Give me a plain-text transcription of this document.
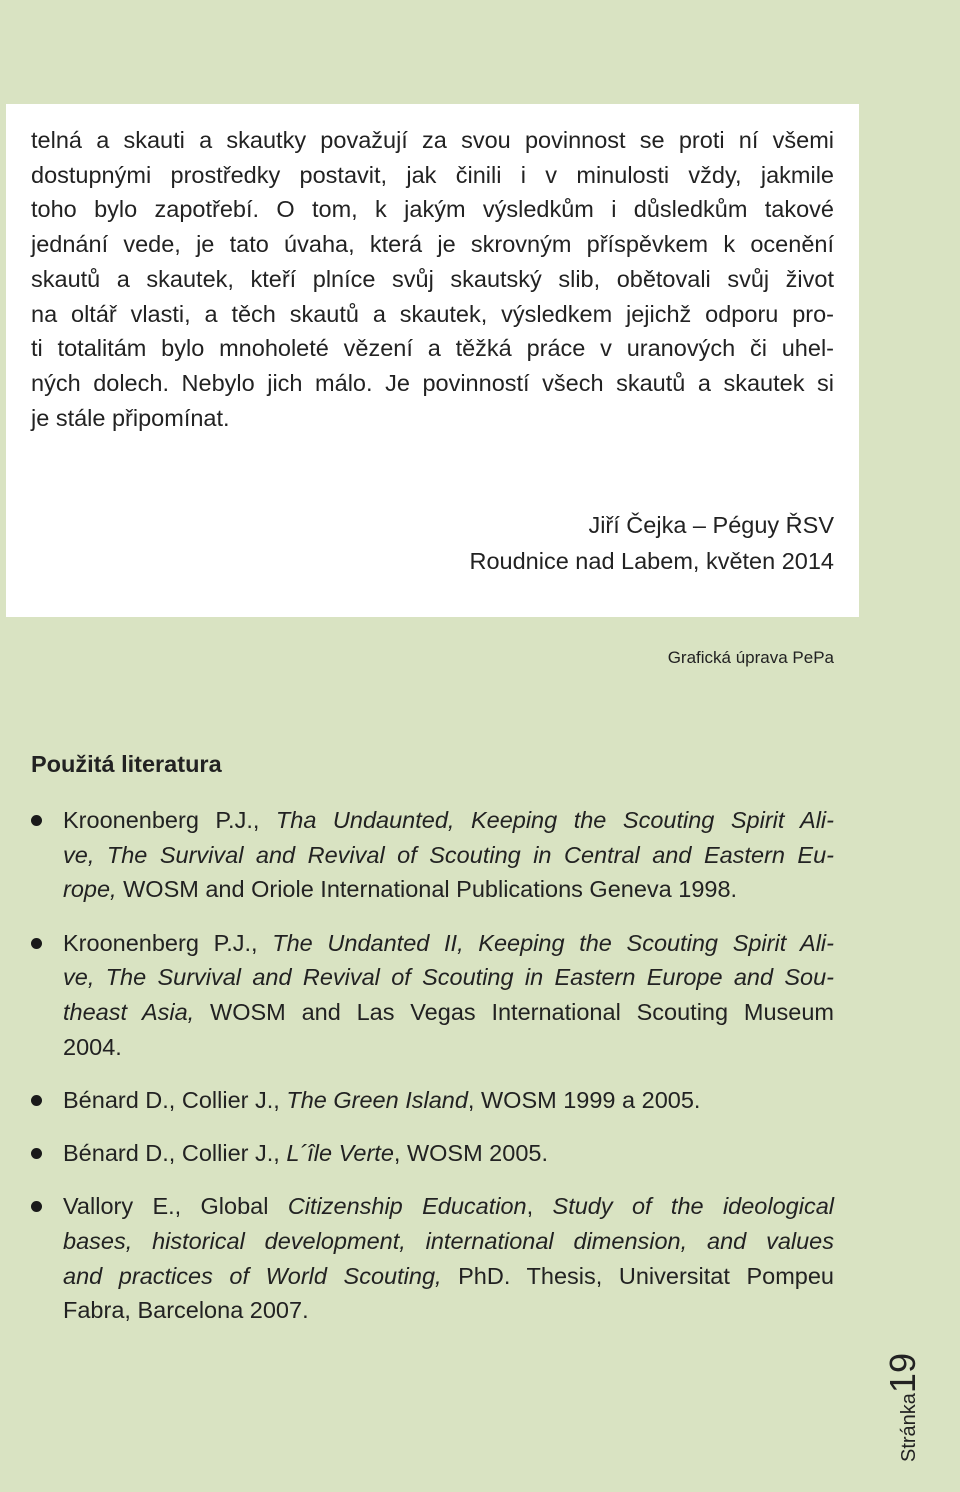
telná a skauti a skautky považují za svou povinnost se proti ní všemi
dostupnými prostředky postavit, jak činili i v minulosti vždy, jakmile
toho bylo zapotřebí. O tom, k jakým výsledkům i důsledkům takové
jednání vede, je tato úvaha, která je skrovným příspěvkem k ocenění
skautů a skautek, kteří plníce svůj skautský slib, obětovali svůj život
na oltář vlasti, a těch skautů a skautek, výsledkem jejichž odporu pro-
ti totalitám bylo mnoholeté vězení a těžká práce v uranových či uhel-
ných dolech. Nebylo jich málo. Je povinností všech skautů a skautek si
je stále připomínat.

Jiří Čejka – Péguy ŘSV
Roudnice nad Labem, květen 2014
Grafická úprava PePa
Použitá literatura
Kroonenberg P.J., Tha Undaunted, Keeping the Scouting Spirit Ali-
ve, The Survival and Revival of Scouting in Central and Eastern Eu-
rope, WOSM and Oriole International Publications Geneva 1998.
Kroonenberg P.J., The Undanted II, Keeping the Scouting Spirit Ali-
ve, The Survival and Revival of Scouting in Eastern Europe and Sou-
theast Asia, WOSM and Las Vegas International Scouting Museum
2004.
Bénard D., Collier J., The Green Island, WOSM 1999 a 2005.
Bénard D., Collier J., L´île Verte, WOSM 2005.
Vallory E., Global Citizenship Education, Study of the ideological
bases, historical development, international dimension, and values
and practices of World Scouting, PhD. Thesis, Universitat Pompeu
Fabra, Barcelona 2007.
Stránka19
